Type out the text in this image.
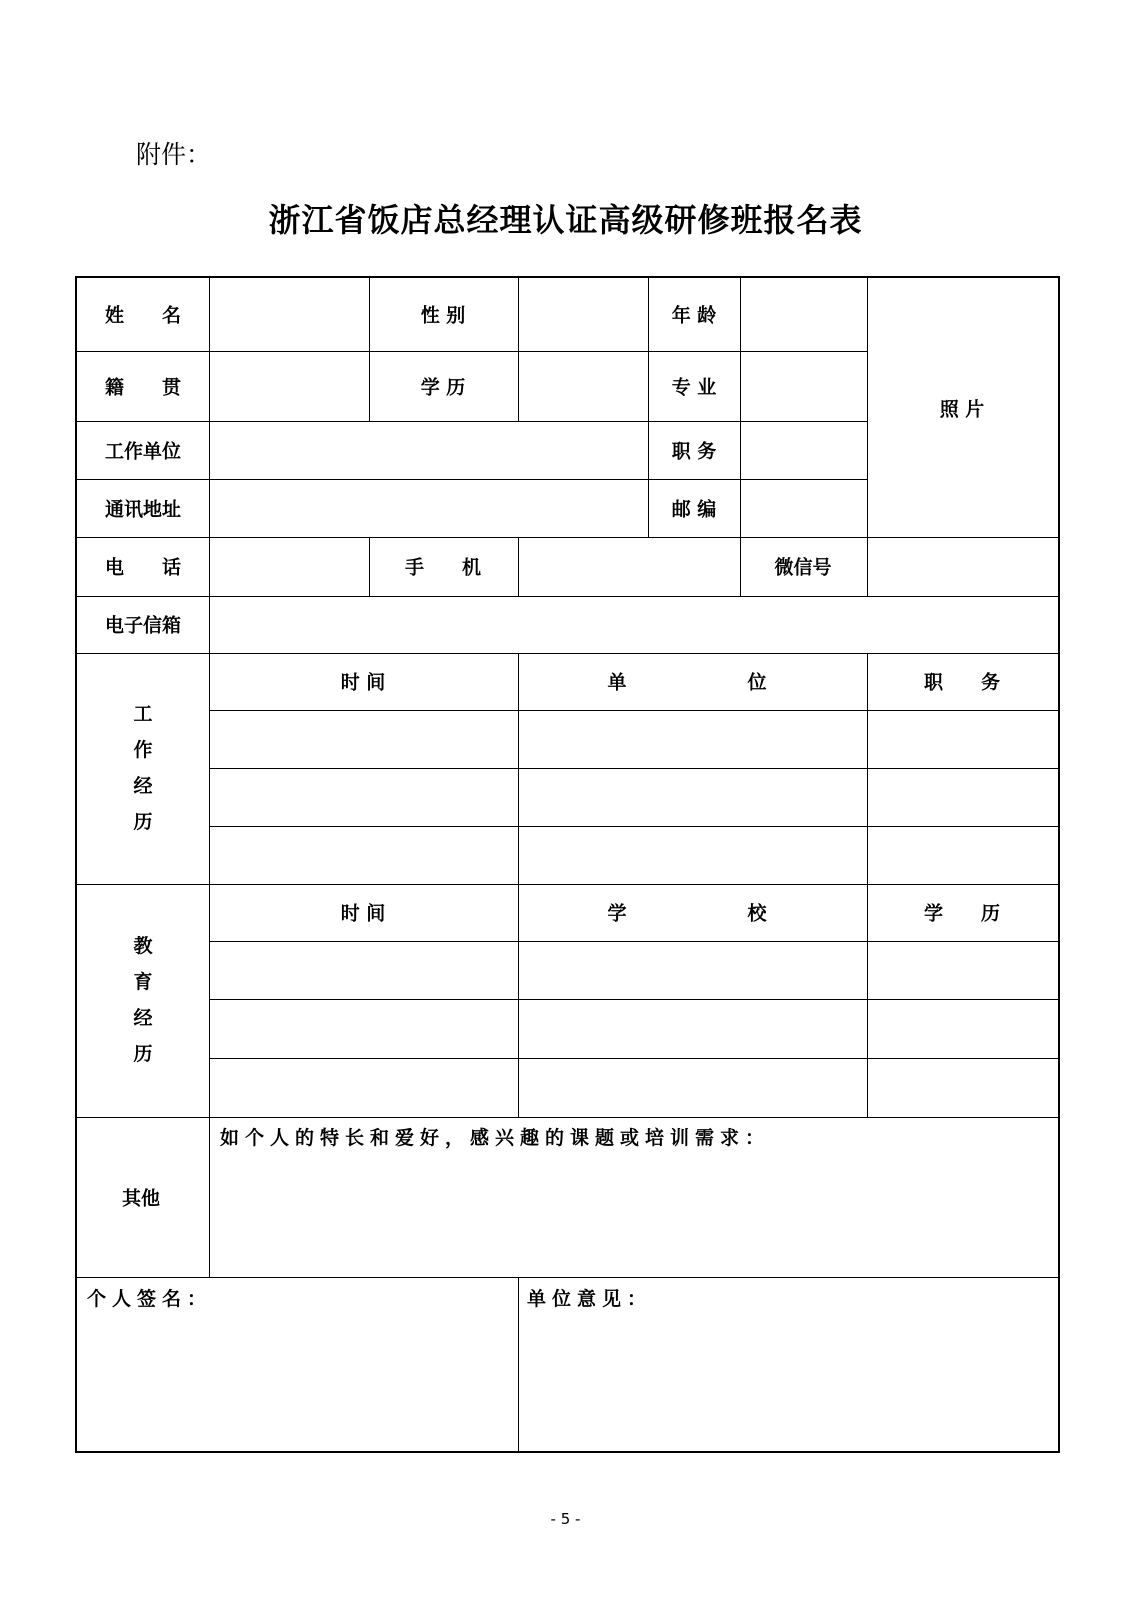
附件：
浙江省饭店总经理认证高级研修班报名表
姓　　名	性 别	年 龄
照 片
籍　　贯	学 历	专 业
工作单位	职 务
通讯地址	邮 编
电　　话	手　　机	微信号
电子信箱
工
作
经
历
时 间	单	位	职　　务
教
育
经
历
时 间	学	校	学　　历
其他
如个人的特长和爱好，感兴趣的课题或培训需求：
个人签名：	单位意见：
- 5 -
